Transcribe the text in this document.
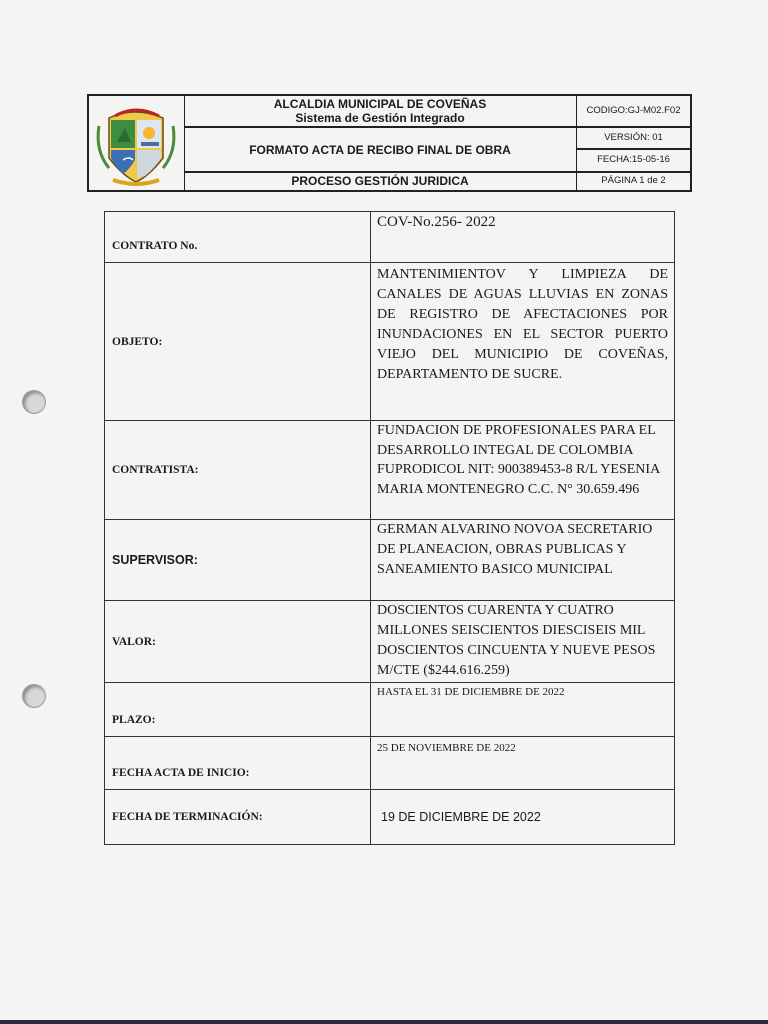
ALCALDIA MUNICIPAL DE COVEÑAS
Sistema de Gestión Integrado	CODIGO:GJ-M02.F02
FORMATO ACTA DE RECIBO FINAL DE OBRA
VERSIÓN: 01
FECHA:15-05-16
PROCESO GESTIÓN JURIDICA	PÁGINA 1 de 2
CONTRATO No.	COV-No.256- 2022
OBJETO:	MANTENIMIENTOV Y LIMPIEZA DE CANALES DE AGUAS LLUVIAS EN ZONAS DE REGISTRO DE AFECTACIONES POR INUNDACIONES EN EL SECTOR PUERTO VIEJO DEL MUNICIPIO DE COVEÑAS, DEPARTAMENTO DE SUCRE.
CONTRATISTA:	FUNDACION DE PROFESIONALES PARA EL DESARROLLO INTEGAL DE COLOMBIA FUPRODICOL NIT: 900389453-8 R/L YESENIA MARIA MONTENEGRO C.C. N° 30.659.496
SUPERVISOR:	GERMAN ALVARINO NOVOA SECRETARIO DE PLANEACION, OBRAS PUBLICAS Y SANEAMIENTO BASICO MUNICIPAL
VALOR:	DOSCIENTOS CUARENTA Y CUATRO MILLONES SEISCIENTOS DIESCISEIS MIL DOSCIENTOS CINCUENTA Y NUEVE PESOS M/CTE ($244.616.259)
PLAZO:	HASTA EL 31 DE DICIEMBRE DE 2022
FECHA ACTA DE INICIO:	25 DE NOVIEMBRE DE 2022
FECHA DE TERMINACIÓN:	19 DE DICIEMBRE DE 2022
